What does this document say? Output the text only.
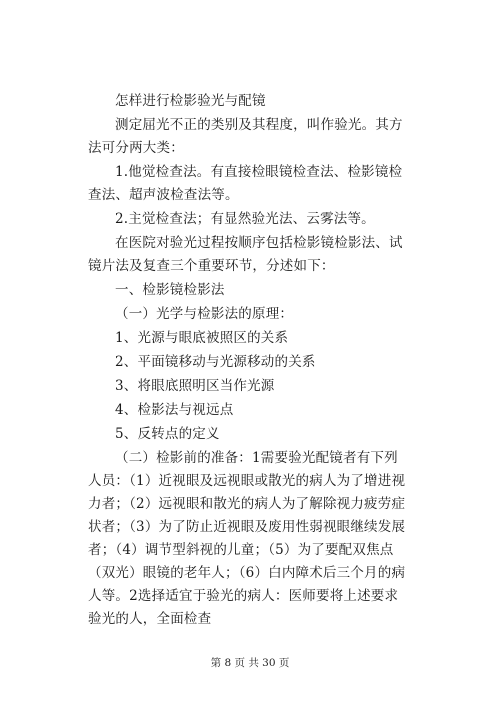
怎样进行检影验光与配镜

测定屈光不正的类别及其程度，叫作验光。其方法可分两大类：

1.他觉检查法。有直接检眼镜检查法、检影镜检查法、超声波检查法等。

2.主觉检查法；有显然验光法、云雾法等。

在医院对验光过程按顺序包括检影镜检影法、试镜片法及复查三个重要环节，分述如下：

一、检影镜检影法

（一）光学与检影法的原理：

1、光源与眼底被照区的关系

2、平面镜移动与光源移动的关系

3、将眼底照明区当作光源

4、检影法与视远点

5、反转点的定义

（二）检影前的准备：1需要验光配镜者有下列人员：（1）近视眼及远视眼或散光的病人为了增进视力者；（2）远视眼和散光的病人为了解除视力疲劳症状者；（3）为了防止近视眼及废用性弱视眼继续发展者；（4）调节型斜视的儿童；（5）为了要配双焦点（双光）眼镜的老年人；（6）白内障术后三个月的病人等。2选择适宜于验光的病人：医师要将上述要求验光的人，全面检查

第 8 页 共 30 页
